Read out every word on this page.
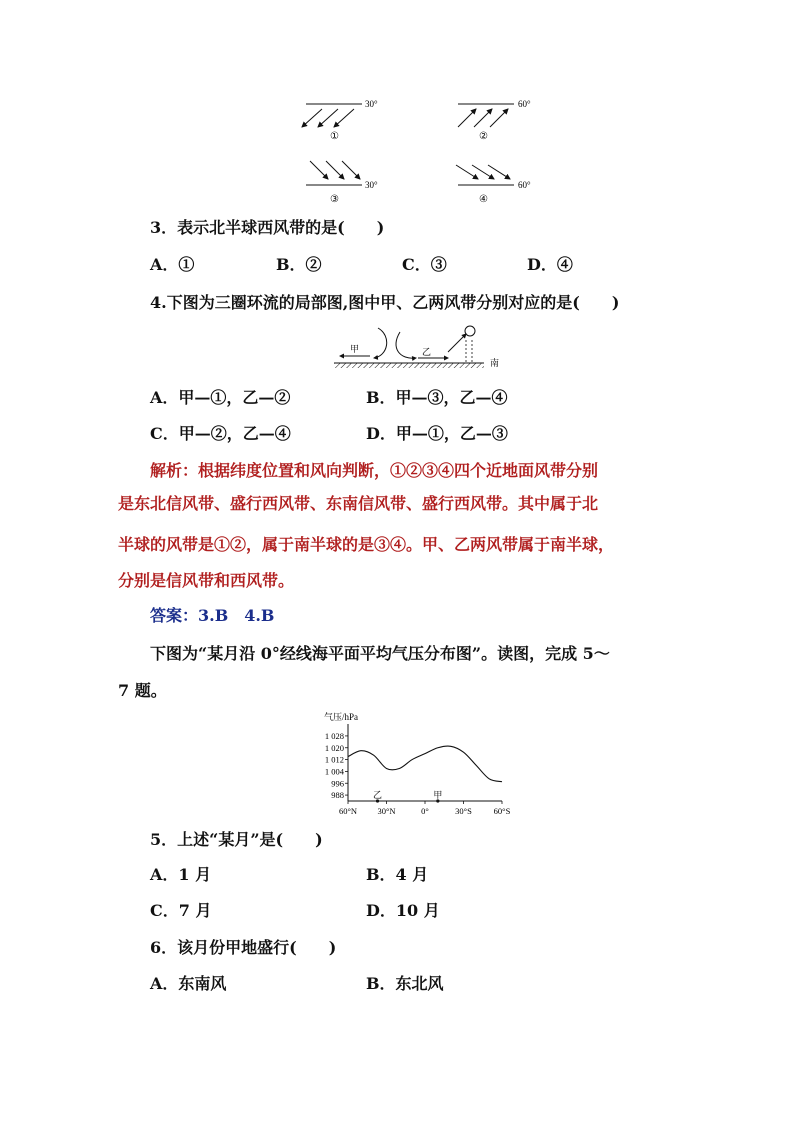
30°
①
60°
②
30°
③
60°
④
3．表示北半球西风带的是(　　)
A．①	B．②	C．③	D．④
4.下图为三圈环流的局部图,图中甲、乙两风带分别对应的是(　　)
甲	乙
南
A．甲—①，乙—②	B．甲—③，乙—④
C．甲—②，乙—④	D．甲—①，乙—③
解析：根据纬度位置和风向判断，①②③④四个近地面风带分别
是东北信风带、盛行西风带、东南信风带、盛行西风带。其中属于北
半球的风带是①②，属于南半球的是③④。甲、乙两风带属于南半球，
分别是信风带和西风带。
答案：3.B　4.B
下图为“某月沿 0°经线海平面平均气压分布图”。读图，完成 5～
7 题。
气压/hPa
1 028
1 020
1 012
1 004
996
988
60°N 30°N	0°	30°S	60°S
乙	甲
5．上述“某月”是(　　)
A．1 月	B．4 月
C．7 月	D．10 月
6．该月份甲地盛行(　　)
A．东南风	B．东北风
